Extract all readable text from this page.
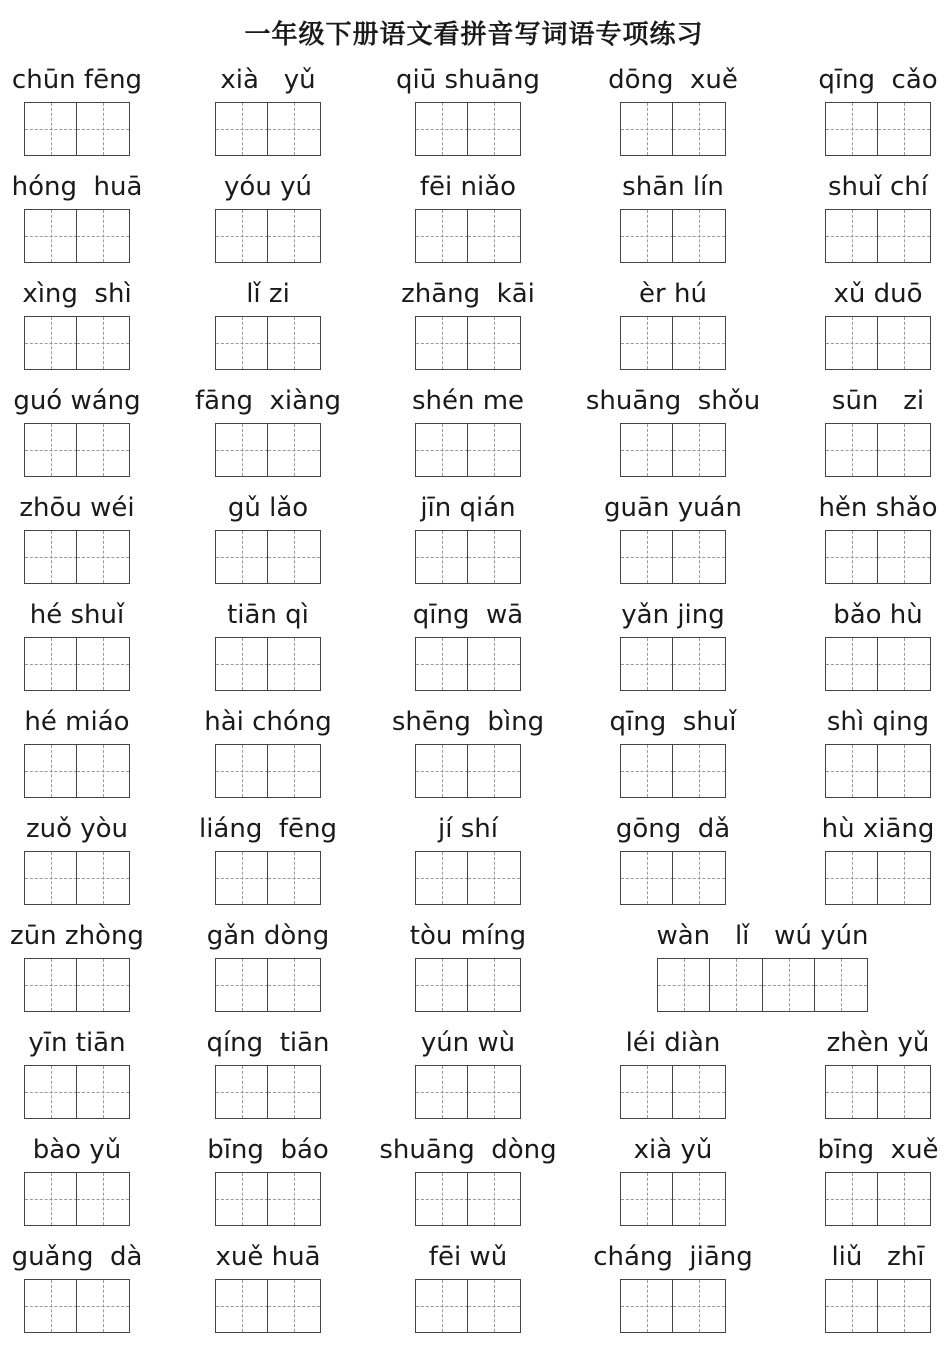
一年级下册语文看拼音写词语专项练习
chūn fēng	xià   yǔ	qiū shuāng	dōng  xuě	qīng  cǎo
hóng  huā	yóu yú	fēi niǎo	shān lín	shuǐ chí
xìng  shì	lǐ zi	zhāng  kāi	èr hú	xǔ duō
guó wáng	fāng  xiàng	shén me	shuāng  shǒu	sūn   zi
zhōu wéi	gǔ lǎo	jīn qián	guān yuán	hěn shǎo
hé shuǐ	tiān qì	qīng  wā	yǎn jing	bǎo hù
hé miáo	hài chóng	shēng  bìng	qīng  shuǐ	shì qing
zuǒ yòu	liáng  fēng	jí shí	gōng  dǎ	hù xiāng
zūn zhòng	gǎn dòng	tòu míng	wàn   lǐ   wú yún
yīn tiān	qíng  tiān	yún wù	léi diàn	zhèn yǔ
bào yǔ	bīng  báo	shuāng  dòng	xià yǔ	bīng  xuě
guǎng  dà	xuě huā	fēi wǔ	cháng  jiāng	liǔ   zhī
